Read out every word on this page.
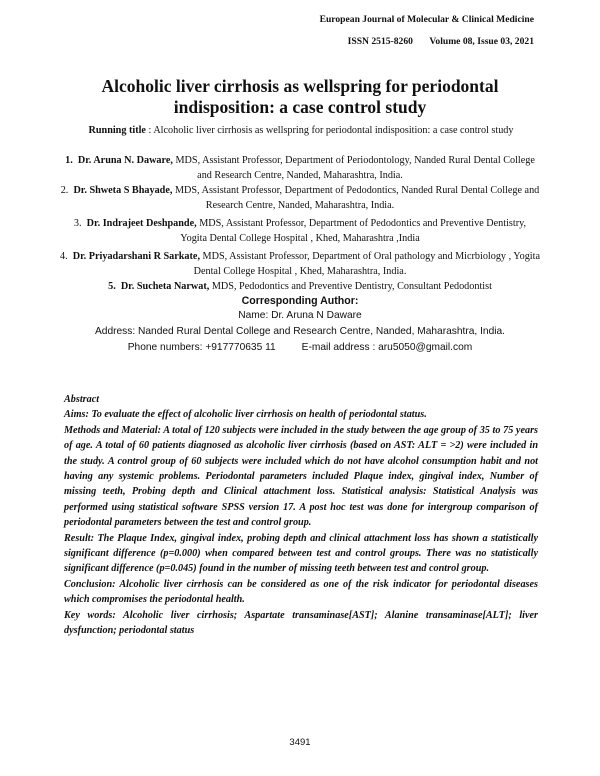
European Journal of Molecular & Clinical Medicine
ISSN 2515-8260 Volume 08, Issue 03, 2021
Alcoholic liver cirrhosis as wellspring for periodontal indisposition: a case control study
Running title : Alcoholic liver cirrhosis as wellspring for periodontal indisposition: a case control study
1. Dr. Aruna N. Daware, MDS, Assistant Professor, Department of Periodontology, Nanded Rural Dental College and Research Centre, Nanded, Maharashtra, India.
2. Dr. Shweta S Bhayade, MDS, Assistant Professor, Department of Pedodontics, Nanded Rural Dental College and Research Centre, Nanded, Maharashtra, India.
3. Dr. Indrajeet Deshpande, MDS, Assistant Professor, Department of Pedodontics and Preventive Dentistry, Yogita Dental College Hospital , Khed, Maharashtra ,India
4. Dr. Priyadarshani R Sarkate, MDS, Assistant Professor, Department of Oral pathology and Micrbiology , Yogita Dental College Hospital , Khed, Maharashtra, India.
5. Dr. Sucheta Narwat, MDS, Pedodontics and Preventive Dentistry, Consultant Pedodontist
Corresponding Author:
Name: Dr. Aruna N Daware
Address: Nanded Rural Dental College and Research Centre, Nanded, Maharashtra, India.
Phone numbers: +917770635 11	E-mail address : aru5050@gmail.com

Abstract

Aims: To evaluate the effect of alcoholic liver cirrhosis on health of periodontal status.

Methods and Material: A total of 120 subjects were included in the study between the age group of 35 to 75 years of age. A total of 60 patients diagnosed as alcoholic liver cirrhosis (based on AST: ALT = >2) were included in the study. A control group of 60 subjects were included which do not have alcohol consumption habit and not having any systemic problems. Periodontal parameters included Plaque index, gingival index, Number of missing teeth, Probing depth and Clinical attachment loss. Statistical analysis: Statistical Analysis was performed using statistical software SPSS version 17. A post hoc test was done for intergroup comparison of periodontal parameters between the test and control group.

Result: The Plaque Index, gingival index, probing depth and clinical attachment loss has shown a statistically significant difference (p=0.000) when compared between test and control groups. There was no statistically significant difference (p=0.045) found in the number of missing teeth between test and control group.

Conclusion: Alcoholic liver cirrhosis can be considered as one of the risk indicator for periodontal diseases which compromises the periodontal health.

Key words: Alcoholic liver cirrhosis; Aspartate transaminase[AST]; Alanine transaminase[ALT]; liver dysfunction; periodontal status

3491
